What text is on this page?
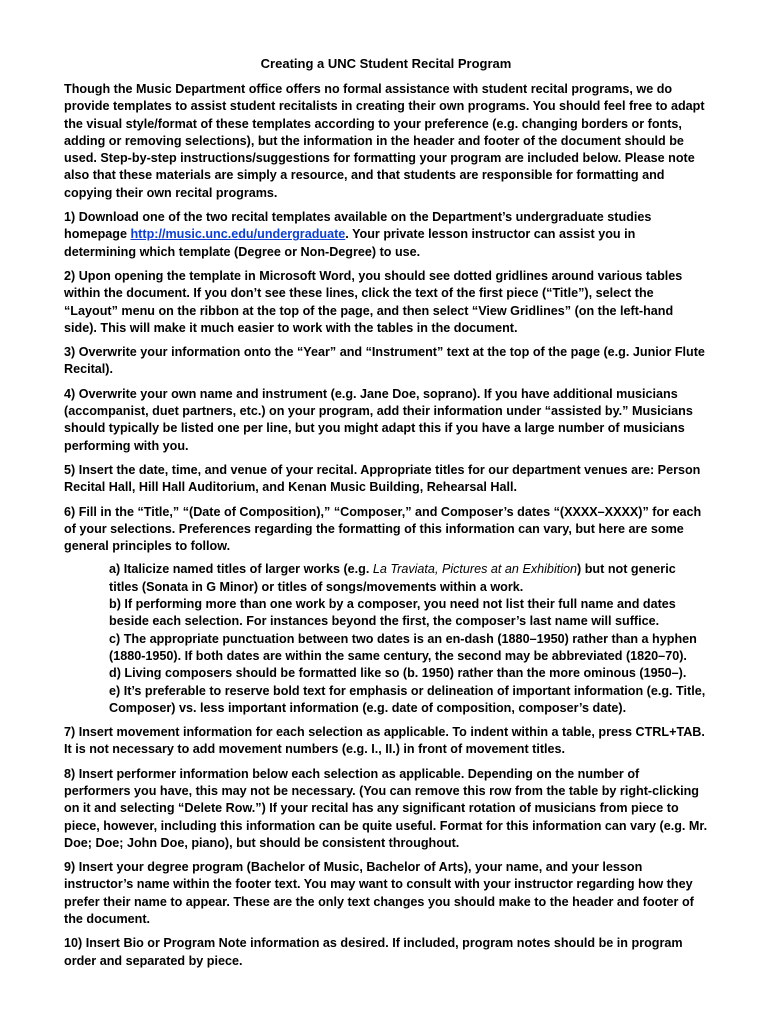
Creating a UNC Student Recital Program

Though the Music Department office offers no formal assistance with student recital programs, we do provide templates to assist student recitalists in creating their own programs. You should feel free to adapt the visual style/format of these templates according to your preference (e.g. changing borders or fonts, adding or removing selections), but the information in the header and footer of the document should be used. Step-by-step instructions/suggestions for formatting your program are included below. Please note also that these materials are simply a resource, and that students are responsible for formatting and copying their own recital programs.

1) Download one of the two recital templates available on the Department’s undergraduate studies homepage http://music.unc.edu/undergraduate. Your private lesson instructor can assist you in determining which template (Degree or Non-Degree) to use.

2) Upon opening the template in Microsoft Word, you should see dotted gridlines around various tables within the document. If you don’t see these lines, click the text of the first piece (“Title”), select the “Layout” menu on the ribbon at the top of the page, and then select “View Gridlines” (on the left-hand side). This will make it much easier to work with the tables in the document.

3) Overwrite your information onto the “Year” and “Instrument” text at the top of the page (e.g. Junior Flute Recital).

4) Overwrite your own name and instrument (e.g. Jane Doe, soprano). If you have additional musicians (accompanist, duet partners, etc.) on your program, add their information under “assisted by.” Musicians should typically be listed one per line, but you might adapt this if you have a large number of musicians performing with you.

5) Insert the date, time, and venue of your recital. Appropriate titles for our department venues are: Person Recital Hall, Hill Hall Auditorium, and Kenan Music Building, Rehearsal Hall.

6) Fill in the “Title,” “(Date of Composition),” “Composer,” and Composer’s dates “(XXXX–XXXX)” for each of your selections. Preferences regarding the formatting of this information can vary, but here are some general principles to follow.

a) Italicize named titles of larger works (e.g. La Traviata, Pictures at an Exhibition) but not generic titles (Sonata in G Minor) or titles of songs/movements within a work.

b) If performing more than one work by a composer, you need not list their full name and dates beside each selection. For instances beyond the first, the composer’s last name will suffice.

c) The appropriate punctuation between two dates is an en-dash (1880–1950) rather than a hyphen (1880-1950). If both dates are within the same century, the second may be abbreviated (1820–70).

d) Living composers should be formatted like so (b. 1950) rather than the more ominous (1950–).

e) It’s preferable to reserve bold text for emphasis or delineation of important information (e.g. Title, Composer) vs. less important information (e.g. date of composition, composer’s date).

7) Insert movement information for each selection as applicable. To indent within a table, press CTRL+TAB. It is not necessary to add movement numbers (e.g. I., II.) in front of movement titles.

8) Insert performer information below each selection as applicable. Depending on the number of performers you have, this may not be necessary. (You can remove this row from the table by right-clicking on it and selecting “Delete Row.”) If your recital has any significant rotation of musicians from piece to piece, however, including this information can be quite useful. Format for this information can vary (e.g. Mr. Doe; Doe; John Doe, piano), but should be consistent throughout.

9) Insert your degree program (Bachelor of Music, Bachelor of Arts), your name, and your lesson instructor’s name within the footer text. You may want to consult with your instructor regarding how they prefer their name to appear. These are the only text changes you should make to the header and footer of the document.

10) Insert Bio or Program Note information as desired. If included, program notes should be in program order and separated by piece.
